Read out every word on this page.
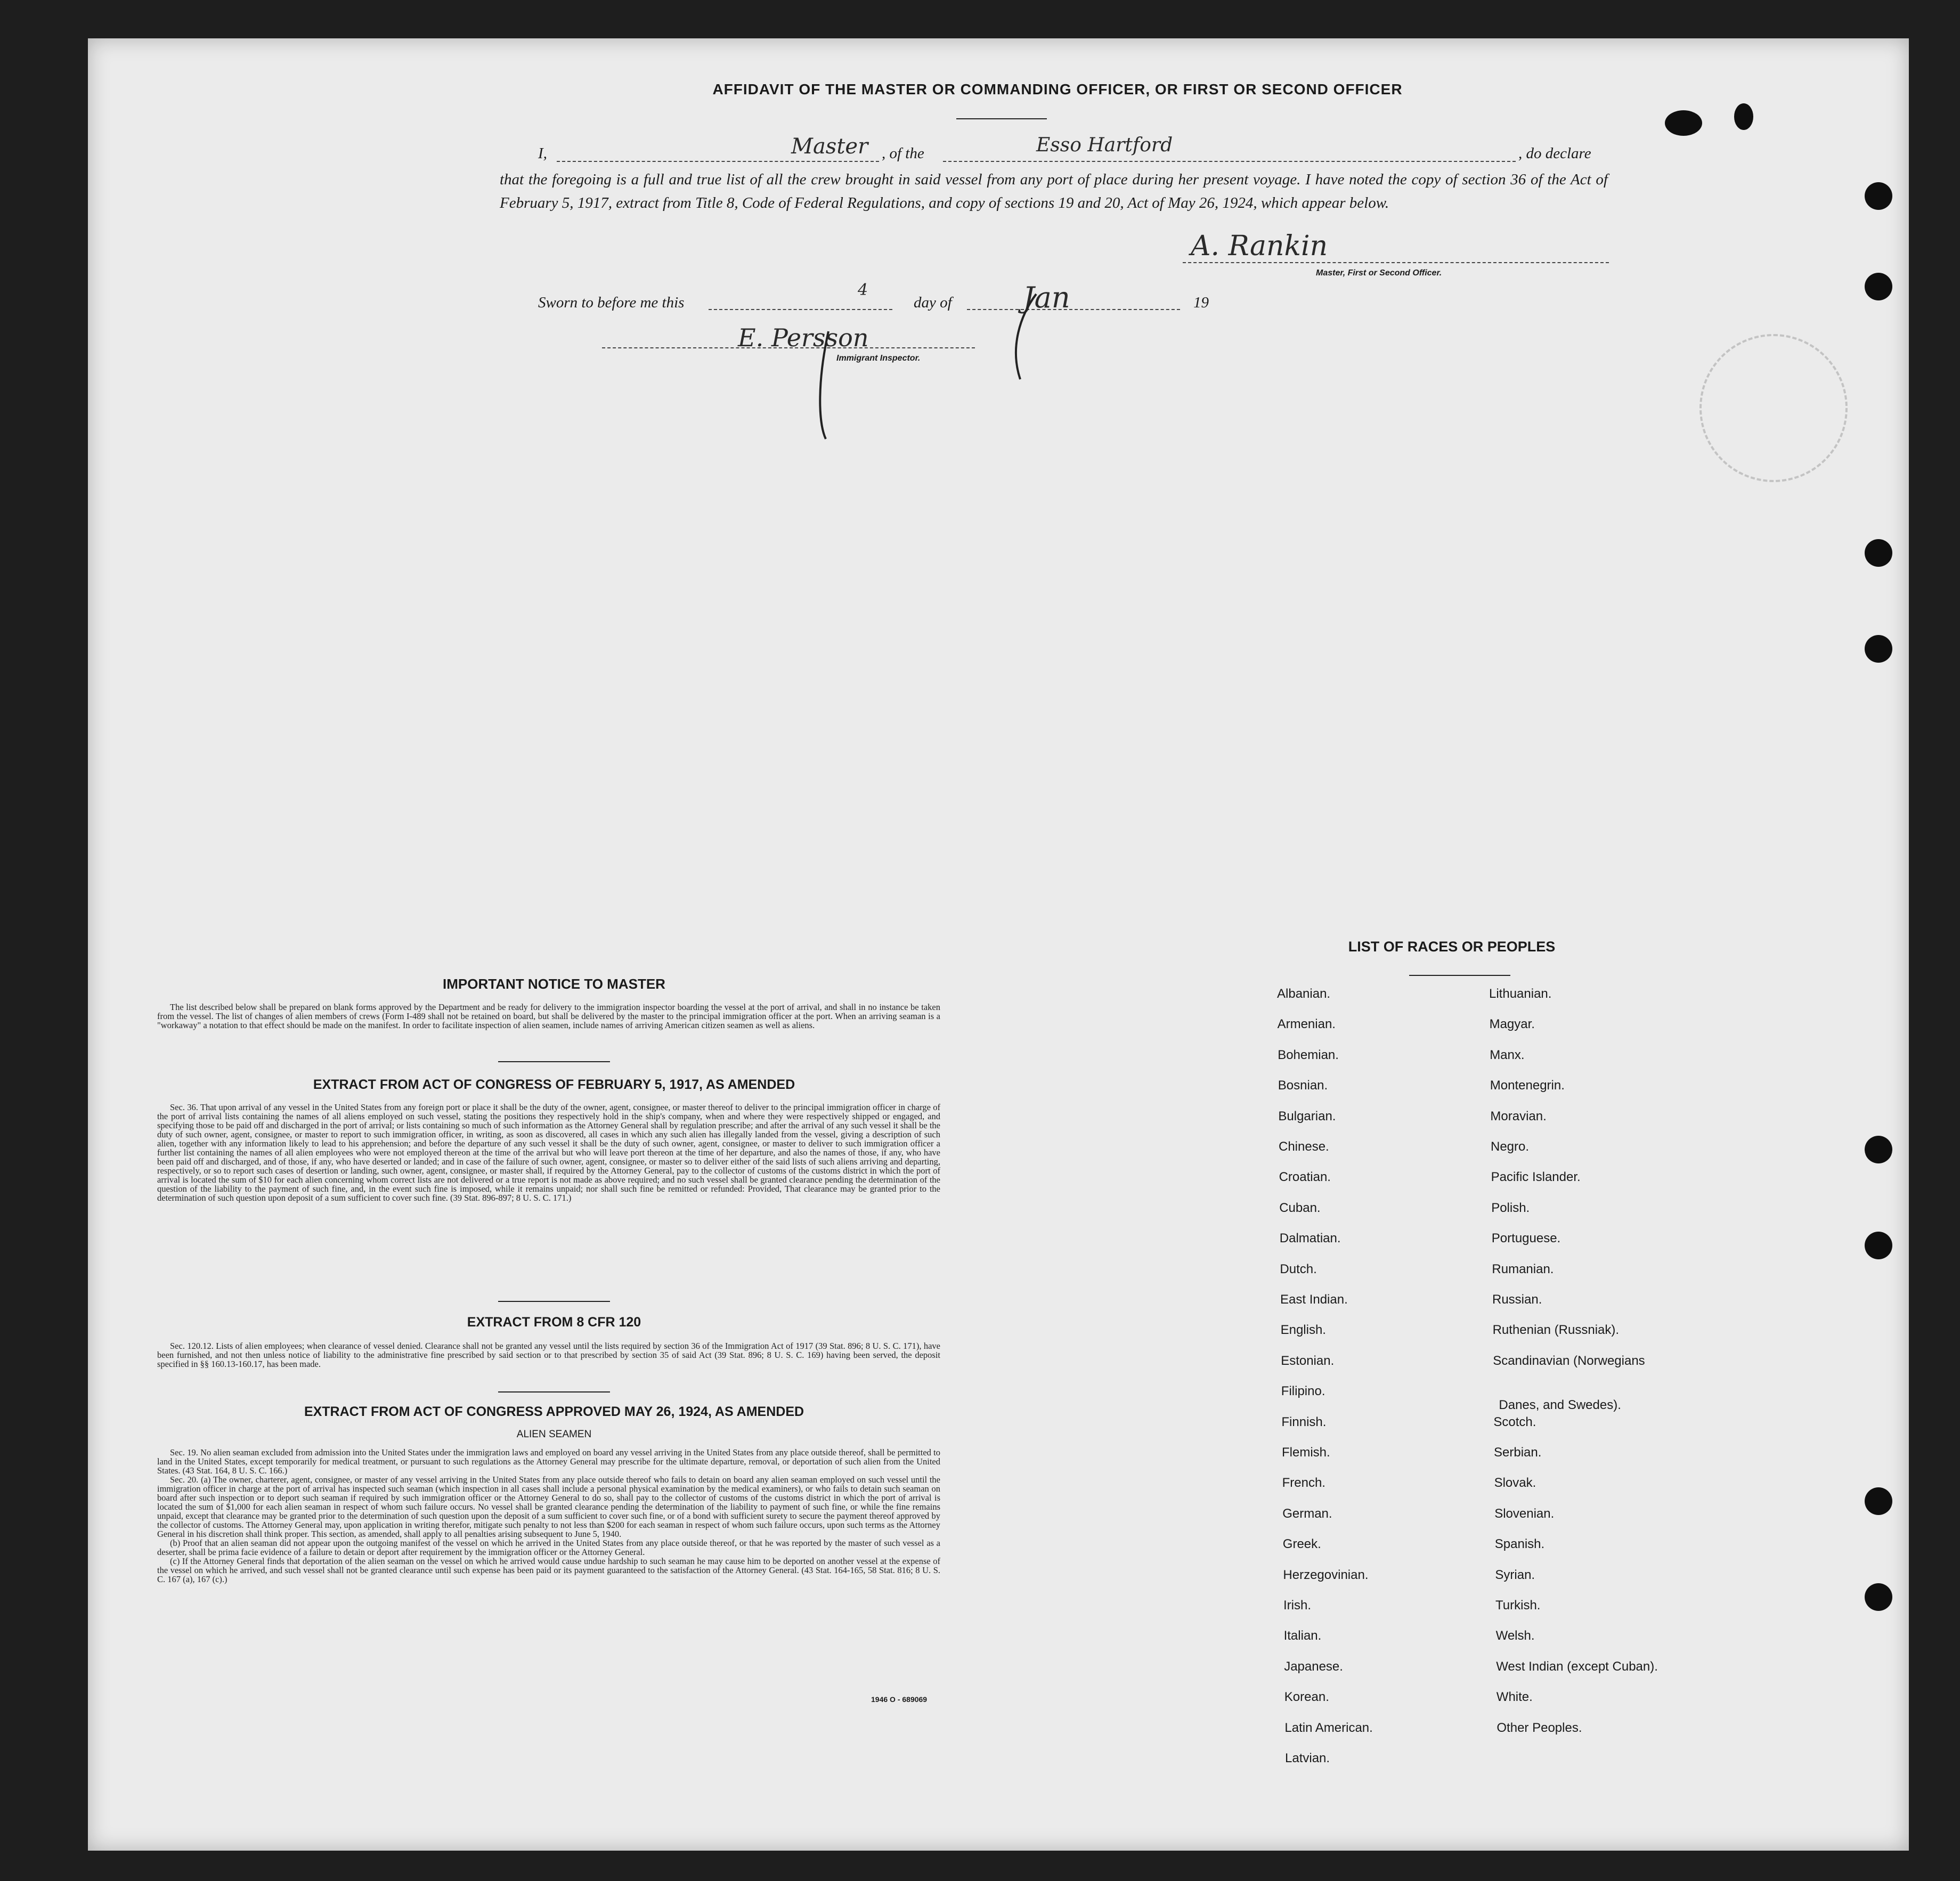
AFFIDAVIT OF THE MASTER OR COMMANDING OFFICER, OR FIRST OR SECOND OFFICER
I,	Master , of the	Esso Hartford	, do declare
that the foregoing is a full and true list of all the crew brought in said vessel from any port of place during her present voyage. I have noted the copy of section 36 of the Act of February 5, 1917, extract from Title 8, Code of Federal Regulations, and copy of sections 19 and 20, Act of May 26, 1924, which appear below.
A. Rankin
Master, First or Second Officer.
Sworn to before me this
4
day of Jan	19
E. Persson
Immigrant Inspector.
IMPORTANT NOTICE TO MASTER

The list described below shall be prepared on blank forms approved by the Department and be ready for delivery to the immigration inspector boarding the vessel at the port of arrival, and shall in no instance be taken from the vessel. The list of changes of alien members of crews (Form I-489 shall not be retained on board, but shall be delivered by the master to the principal immigration officer at the port. When an arriving seaman is a "workaway" a notation to that effect should be made on the manifest. In order to facilitate inspection of alien seamen, include names of arriving American citizen seamen as well as aliens.

EXTRACT FROM ACT OF CONGRESS OF FEBRUARY 5, 1917, AS AMENDED

Sec. 36. That upon arrival of any vessel in the United States from any foreign port or place it shall be the duty of the owner, agent, consignee, or master thereof to deliver to the principal immigration officer in charge of the port of arrival lists containing the names of all aliens employed on such vessel, stating the positions they respectively hold in the ship's company, when and where they were respectively shipped or engaged, and specifying those to be paid off and discharged in the port of arrival; or lists containing so much of such information as the Attorney General shall by regulation prescribe; and after the arrival of any such vessel it shall be the duty of such owner, agent, consignee, or master to report to such immigration officer, in writing, as soon as discovered, all cases in which any such alien has illegally landed from the vessel, giving a description of such alien, together with any information likely to lead to his apprehension; and before the departure of any such vessel it shall be the duty of such owner, agent, consignee, or master to deliver to such immigration officer a further list containing the names of all alien employees who were not employed thereon at the time of the arrival but who will leave port thereon at the time of her departure, and also the names of those, if any, who have been paid off and discharged, and of those, if any, who have deserted or landed; and in case of the failure of such owner, agent, consignee, or master so to deliver either of the said lists of such aliens arriving and departing, respectively, or so to report such cases of desertion or landing, such owner, agent, consignee, or master shall, if required by the Attorney General, pay to the collector of customs of the customs district in which the port of arrival is located the sum of $10 for each alien concerning whom correct lists are not delivered or a true report is not made as above required; and no such vessel shall be granted clearance pending the determination of the question of the liability to the payment of such fine, and, in the event such fine is imposed, while it remains unpaid; nor shall such fine be remitted or refunded: Provided, That clearance may be granted prior to the determination of such question upon deposit of a sum sufficient to cover such fine. (39 Stat. 896-897; 8 U. S. C. 171.)

EXTRACT FROM 8 CFR 120

Sec. 120.12. Lists of alien employees; when clearance of vessel denied. Clearance shall not be granted any vessel until the lists required by section 36 of the Immigration Act of 1917 (39 Stat. 896; 8 U. S. C. 171), have been furnished, and not then unless notice of liability to the administrative fine prescribed by said section or to that prescribed by section 35 of said Act (39 Stat. 896; 8 U. S. C. 169) having been served, the deposit specified in §§ 160.13-160.17, has been made.

EXTRACT FROM ACT OF CONGRESS APPROVED MAY 26, 1924, AS AMENDED
ALIEN SEAMEN

Sec. 19. No alien seaman excluded from admission into the United States under the immigration laws and employed on board any vessel arriving in the United States from any place outside thereof, shall be permitted to land in the United States, except temporarily for medical treatment, or pursuant to such regulations as the Attorney General may prescribe for the ultimate departure, removal, or deportation of such alien from the United States. (43 Stat. 164, 8 U. S. C. 166.)

Sec. 20. (a) The owner, charterer, agent, consignee, or master of any vessel arriving in the United States from any place outside thereof who fails to detain on board any alien seaman employed on such vessel until the immigration officer in charge at the port of arrival has inspected such seaman (which inspection in all cases shall include a personal physical examination by the medical examiners), or who fails to detain such seaman on board after such inspection or to deport such seaman if required by such immigration officer or the Attorney General to do so, shall pay to the collector of customs of the customs district in which the port of arrival is located the sum of $1,000 for each alien seaman in respect of whom such failure occurs. No vessel shall be granted clearance pending the determination of the liability to payment of such fine, or while the fine remains unpaid, except that clearance may be granted prior to the determination of such question upon the deposit of a sum sufficient to cover such fine, or of a bond with sufficient surety to secure the payment thereof approved by the collector of customs. The Attorney General may, upon application in writing therefor, mitigate such penalty to not less than $200 for each seaman in respect of whom such failure occurs, upon such terms as the Attorney General in his discretion shall think proper. This section, as amended, shall apply to all penalties arising subsequent to June 5, 1940.

(b) Proof that an alien seaman did not appear upon the outgoing manifest of the vessel on which he arrived in the United States from any place outside thereof, or that he was reported by the master of such vessel as a deserter, shall be prima facie evidence of a failure to detain or deport after requirement by the immigration officer or the Attorney General.

(c) If the Attorney General finds that deportation of the alien seaman on the vessel on which he arrived would cause undue hardship to such seaman he may cause him to be deported on another vessel at the expense of the vessel on which he arrived, and such vessel shall not be granted clearance until such expense has been paid or its payment guaranteed to the satisfaction of the Attorney General. (43 Stat. 164-165, 58 Stat. 816; 8 U. S. C. 167 (a), 167 (c).)

1946 O - 689069
LIST OF RACES OR PEOPLES
Albanian.
Armenian.
Bohemian.
Bosnian.
Bulgarian.
Chinese.
Croatian.
Cuban.
Dalmatian.
Dutch.
East Indian.
English.
Estonian.
Filipino.
Finnish.
Flemish.
French.
German.
Greek.
Herzegovinian.
Irish.
Italian.
Japanese.
Korean.
Latin American.
Latvian.
Lithuanian.
Magyar.
Manx.
Montenegrin.
Moravian.
Negro.
Pacific Islander.
Polish.
Portuguese.
Rumanian.
Russian.
Ruthenian (Russniak).
Scandinavian (Norwegians
Danes, and Swedes).
Scotch.
Serbian.
Slovak.
Slovenian.
Spanish.
Syrian.
Turkish.
Welsh.
West Indian (except Cuban).
White.
Other Peoples.
